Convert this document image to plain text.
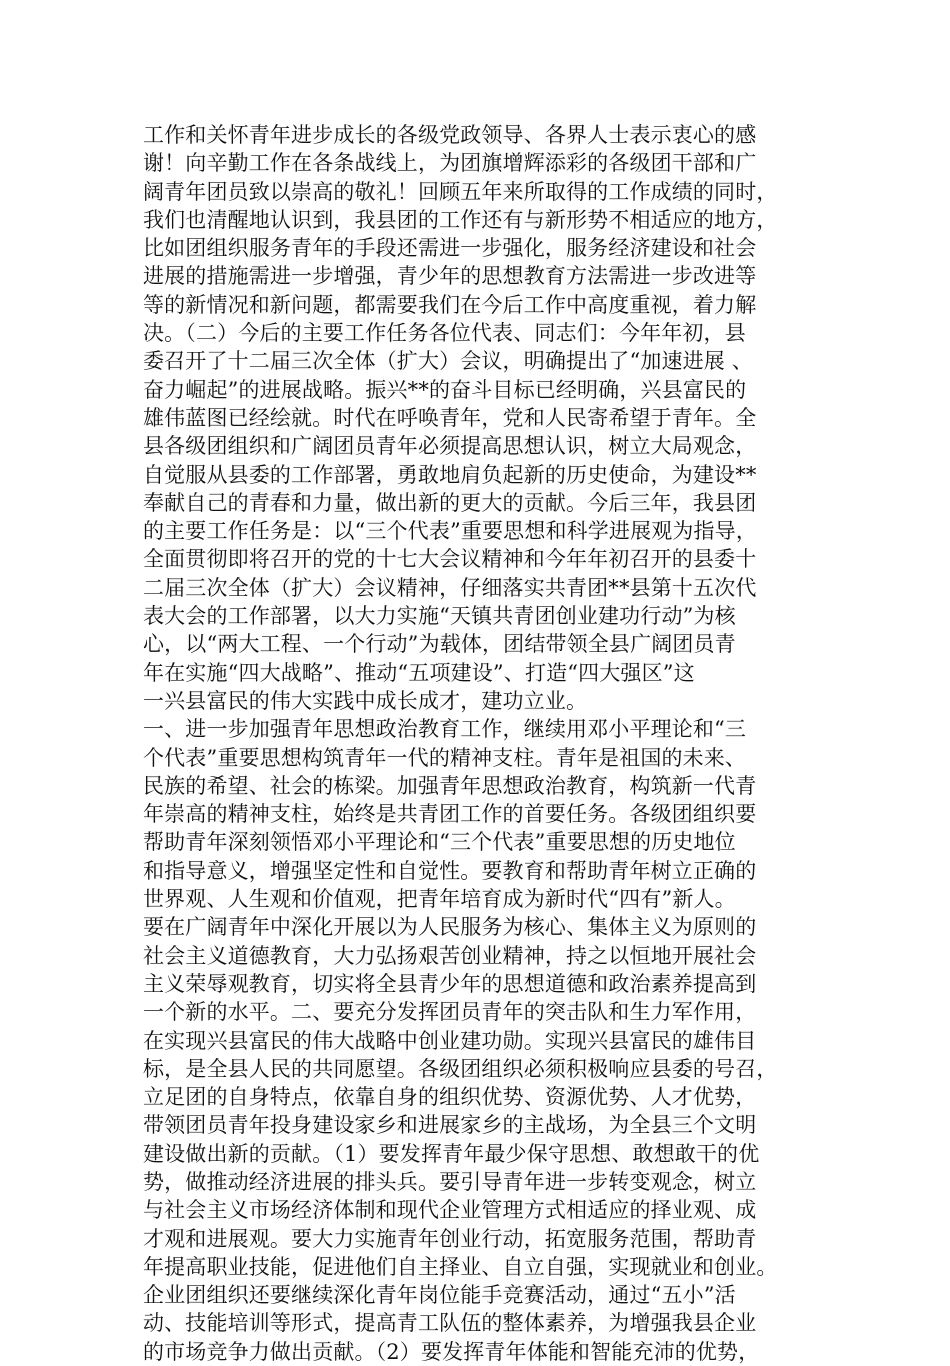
工作和关怀青年进步成长的各级党政领导、各界人士表示衷心的感
谢！向辛勤工作在各条战线上，为团旗增辉添彩的各级团干部和广
阔青年团员致以崇高的敬礼！回顾五年来所取得的工作成绩的同时，
我们也清醒地认识到，我县团的工作还有与新形势不相适应的地方，
比如团组织服务青年的手段还需进一步强化，服务经济建设和社会
进展的措施需进一步增强，青少年的思想教育方法需进一步改进等
等的新情况和新问题，都需要我们在今后工作中高度重视，着力解
决。（二）今后的主要工作任务各位代表、同志们：今年年初，县
委召开了十二届三次全体（扩大）会议，明确提出了“加速进展 、
奋力崛起”的进展战略。振兴**的奋斗目标已经明确，兴县富民的
雄伟蓝图已经绘就。时代在呼唤青年，党和人民寄希望于青年。全
县各级团组织和广阔团员青年必须提高思想认识，树立大局观念，
自觉服从县委的工作部署，勇敢地肩负起新的历史使命，为建设**
奉献自己的青春和力量，做出新的更大的贡献。今后三年，我县团
的主要工作任务是：以“三个代表”重要思想和科学进展观为指导，
全面贯彻即将召开的党的十七大会议精神和今年年初召开的县委十
二届三次全体（扩大）会议精神，仔细落实共青团**县第十五次代
表大会的工作部署，以大力实施“天镇共青团创业建功行动”为核
心，以“两大工程、一个行动”为载体，团结带领全县广阔团员青
年在实施“四大战略”、推动“五项建设”、打造“四大强区”这
一兴县富民的伟大实践中成长成才，建功立业。
一、进一步加强青年思想政治教育工作，继续用邓小平理论和“三
个代表”重要思想构筑青年一代的精神支柱。青年是祖国的未来、
民族的希望、社会的栋梁。加强青年思想政治教育，构筑新一代青
年崇高的精神支柱，始终是共青团工作的首要任务。各级团组织要
帮助青年深刻领悟邓小平理论和“三个代表”重要思想的历史地位
和指导意义，增强坚定性和自觉性。要教育和帮助青年树立正确的
世界观、人生观和价值观，把青年培育成为新时代“四有”新人。
要在广阔青年中深化开展以为人民服务为核心、集体主义为原则的
社会主义道德教育，大力弘扬艰苦创业精神，持之以恒地开展社会
主义荣辱观教育，切实将全县青少年的思想道德和政治素养提高到
一个新的水平。二、要充分发挥团员青年的突击队和生力军作用，
在实现兴县富民的伟大战略中创业建功勋。实现兴县富民的雄伟目
标，是全县人民的共同愿望。各级团组织必须积极响应县委的号召，
立足团的自身特点，依靠自身的组织优势、资源优势、人才优势，
带领团员青年投身建设家乡和进展家乡的主战场，为全县三个文明
建设做出新的贡献。（1）要发挥青年最少保守思想、敢想敢干的优
势，做推动经济进展的排头兵。要引导青年进一步转变观念，树立
与社会主义市场经济体制和现代企业管理方式相适应的择业观、成
才观和进展观。要大力实施青年创业行动，拓宽服务范围，帮助青
年提高职业技能，促进他们自主择业、自立自强，实现就业和创业。
企业团组织还要继续深化青年岗位能手竞赛活动，通过“五小”活
动、技能培训等形式，提高青工队伍的整体素养，为增强我县企业
的市场竞争力做出贡献。（2）要发挥青年体能和智能充沛的优势，
